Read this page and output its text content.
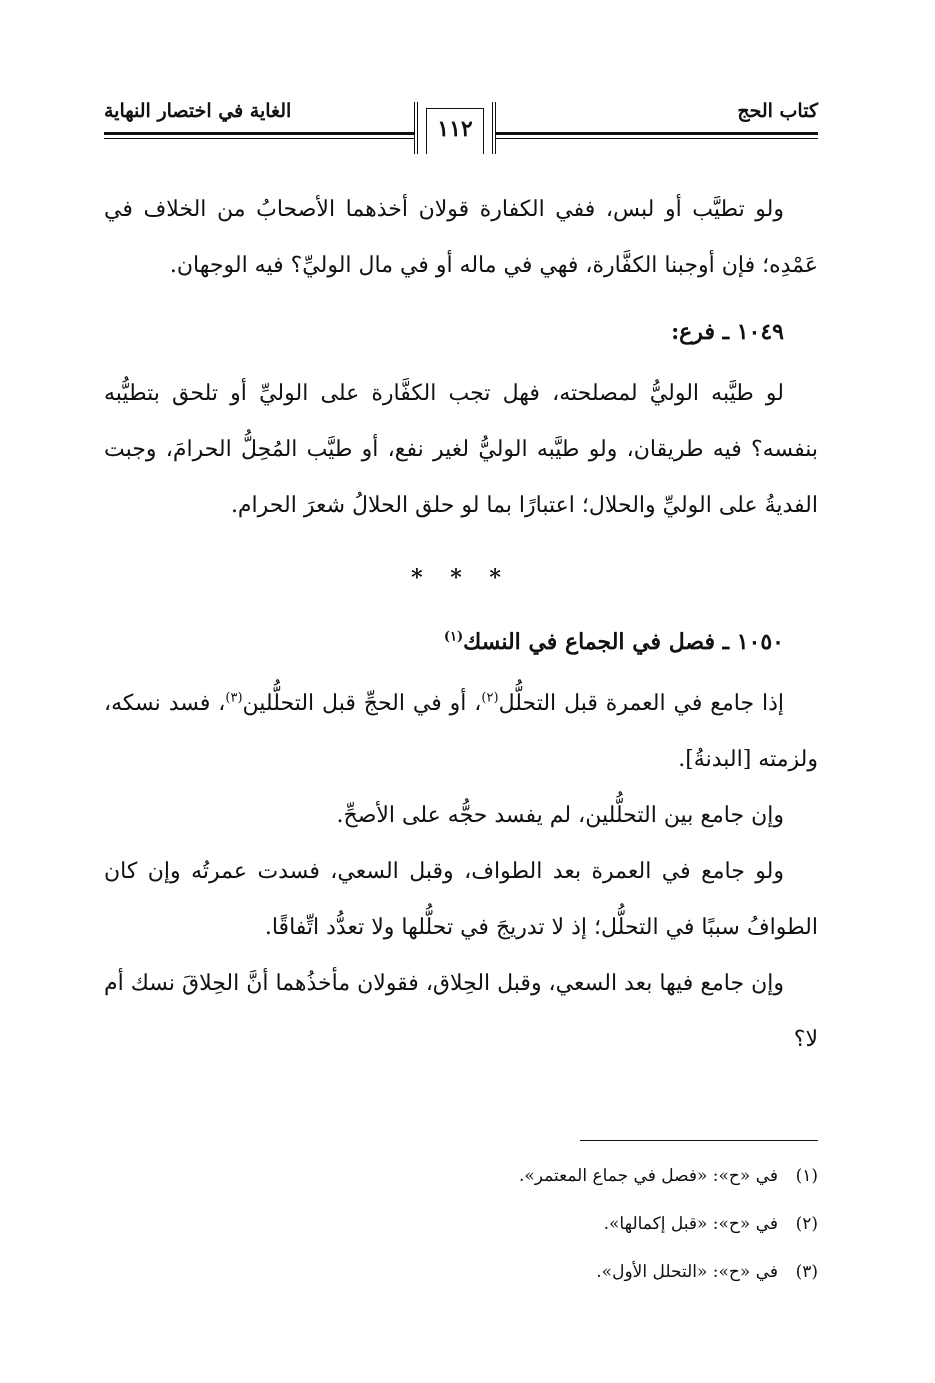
كتاب الحج
الغاية في اختصار النهاية
١١٢

ولو تطيَّب أو لبس، ففي الكفارة قولان أخذهما الأصحابُ من الخلاف في عَمْدِه؛ فإن أوجبنا الكفَّارة، فهي في ماله أو في مال الوليِّ؟ فيه الوجهان.

١٠٤٩ ـ فرع:

لو طيَّبه الوليُّ لمصلحته، فهل تجب الكفَّارة على الوليِّ أو تلحق بتطيُّبه بنفسه؟ فيه طريقان، ولو طيَّبه الوليُّ لغير نفع، أو طيَّب المُحِلُّ الحرامَ، وجبت الفديةُ على الوليِّ والحلال؛ اعتبارًا بما لو حلق الحلالُ شعرَ الحرام.

* * *

١٠٥٠ ـ فصل في الجماع في النسك$^{(١)}$

إذا جامع في العمرة قبل التحلُّل$^{(٢)}$، أو في الحجِّ قبل التحلُّلين$^{(٣)}$، فسد نسكه، ولزمته [البدنةُ].

وإن جامع بين التحلُّلين، لم يفسد حجُّه على الأصحِّ.

ولو جامع في العمرة بعد الطواف، وقبل السعي، فسدت عمرتُه وإن كان الطوافُ سببًا في التحلُّل؛ إذ لا تدريجَ في تحلُّلها ولا تعدُّد اتِّفاقًا.

وإن جامع فيها بعد السعي، وقبل الحِلاق، فقولان مأخذُهما أنَّ الحِلاقَ نسك أم لا؟

(١)في «ح»: «فصل في جماع المعتمر».

(٢)في «ح»: «قبل إكمالها».

(٣)في «ح»: «التحلل الأول».
